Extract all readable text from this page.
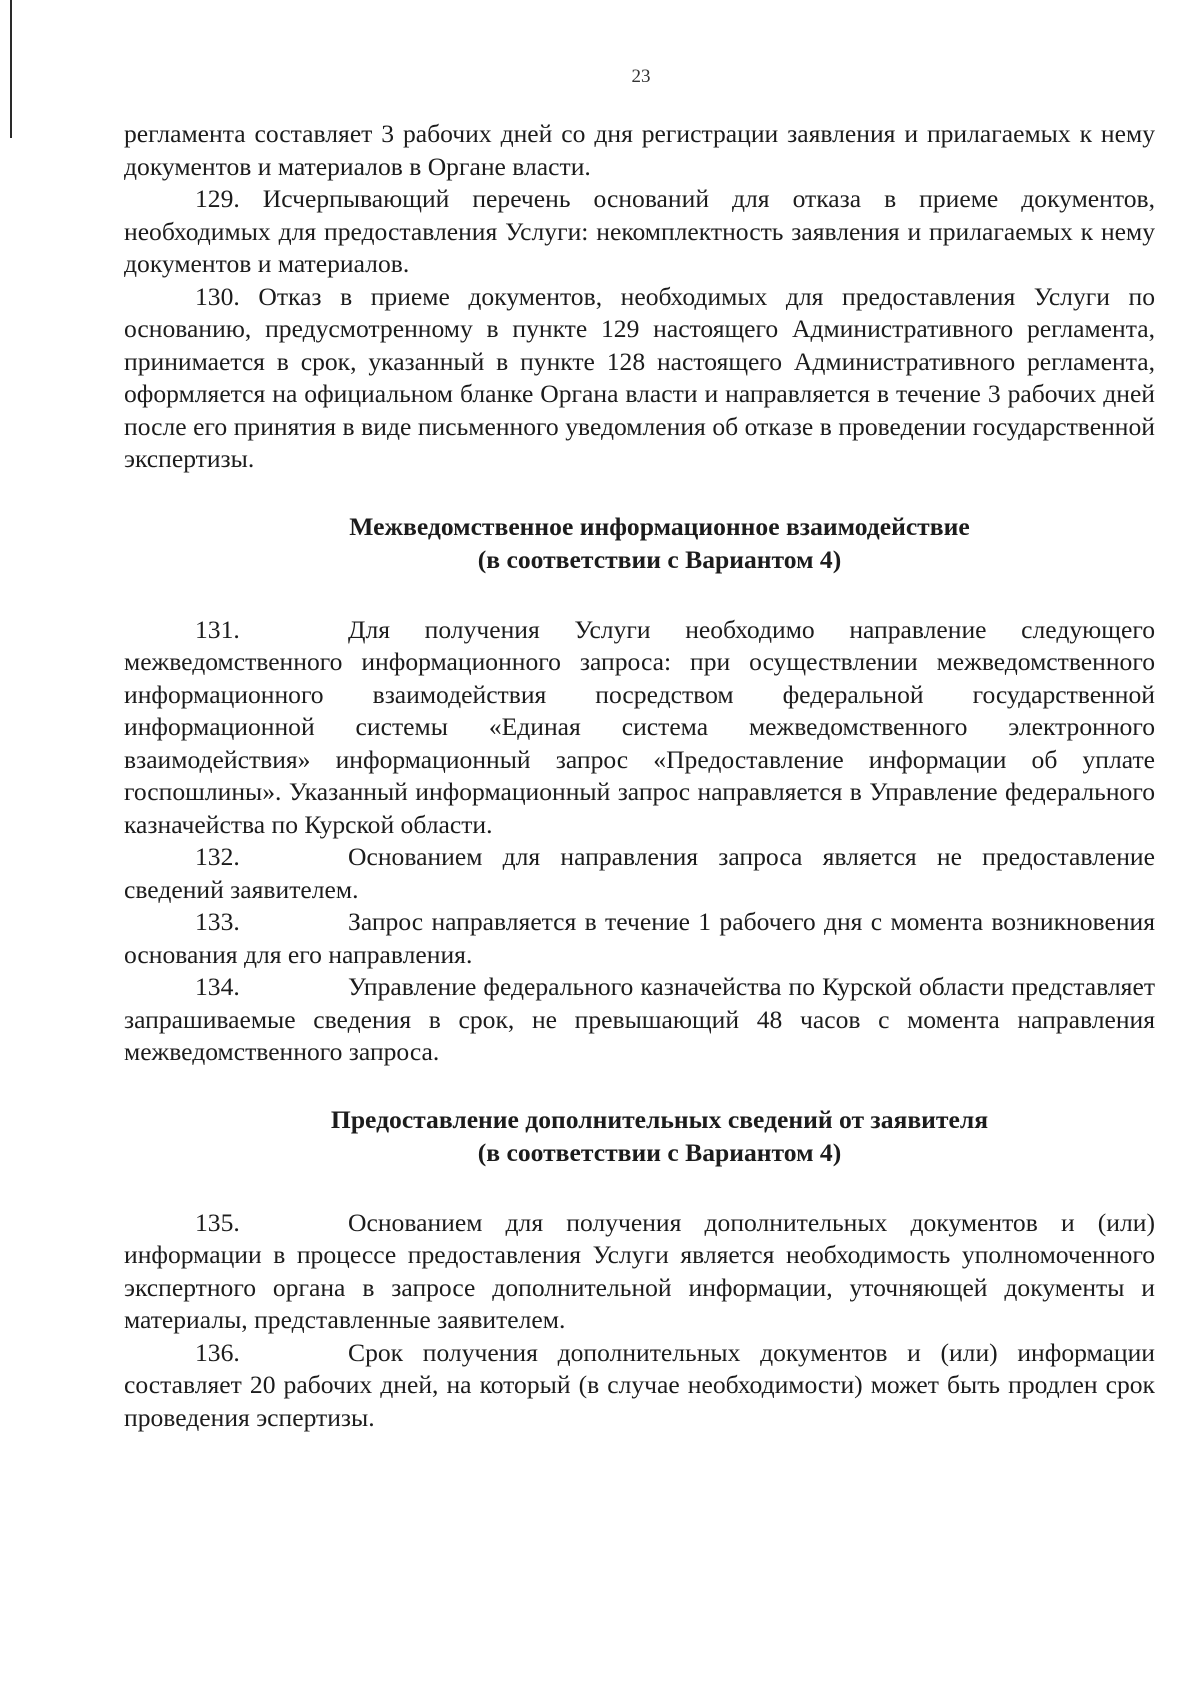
23

регламента составляет 3 рабочих дней со дня регистрации заявления и прилагаемых к нему документов и материалов в Органе власти.

129. Исчерпывающий перечень оснований для отказа в приеме документов, необходимых для предоставления Услуги: некомплектность заявления и прилагаемых к нему документов и материалов.

130. Отказ в приеме документов, необходимых для предоставления Услуги по основанию, предусмотренному в пункте 129 настоящего Административного регламента, принимается в срок, указанный в пункте 128 настоящего Административного регламента, оформляется на официальном бланке Органа власти и направляется в течение 3 рабочих дней после его принятия в виде письменного уведомления об отказе в проведении государственной экспертизы.

Межведомственное информационное взаимодействие

(в соответствии с Вариантом 4)

131.	Для получения Услуги необходимо направление следующего межведомственного информационного запроса: при осуществлении межведомственного информационного взаимодействия посредством федеральной государственной информационной системы «Единая система межведомственного электронного взаимодействия» информационный запрос «Предоставление информации об уплате госпошлины». Указанный информационный запрос направляется в Управление федерального казначейства по Курской области.

132.	Основанием для направления запроса является не предоставление сведений заявителем.

133.	Запрос направляется в течение 1 рабочего дня с момента возникновения основания для его направления.

134.	Управление федерального казначейства по Курской области представляет запрашиваемые сведения в срок, не превышающий 48 часов с момента направления межведомственного запроса.

Предоставление дополнительных сведений от заявителя

(в соответствии с Вариантом 4)

135.	Основанием для получения дополнительных документов и (или) информации в процессе предоставления Услуги является необходимость уполномоченного экспертного органа в запросе дополнительной информации, уточняющей документы и материалы, представленные заявителем.

136.	Срок получения дополнительных документов и (или) информации составляет 20 рабочих дней, на который (в случае необходимости) может быть продлен срок проведения эспертизы.
